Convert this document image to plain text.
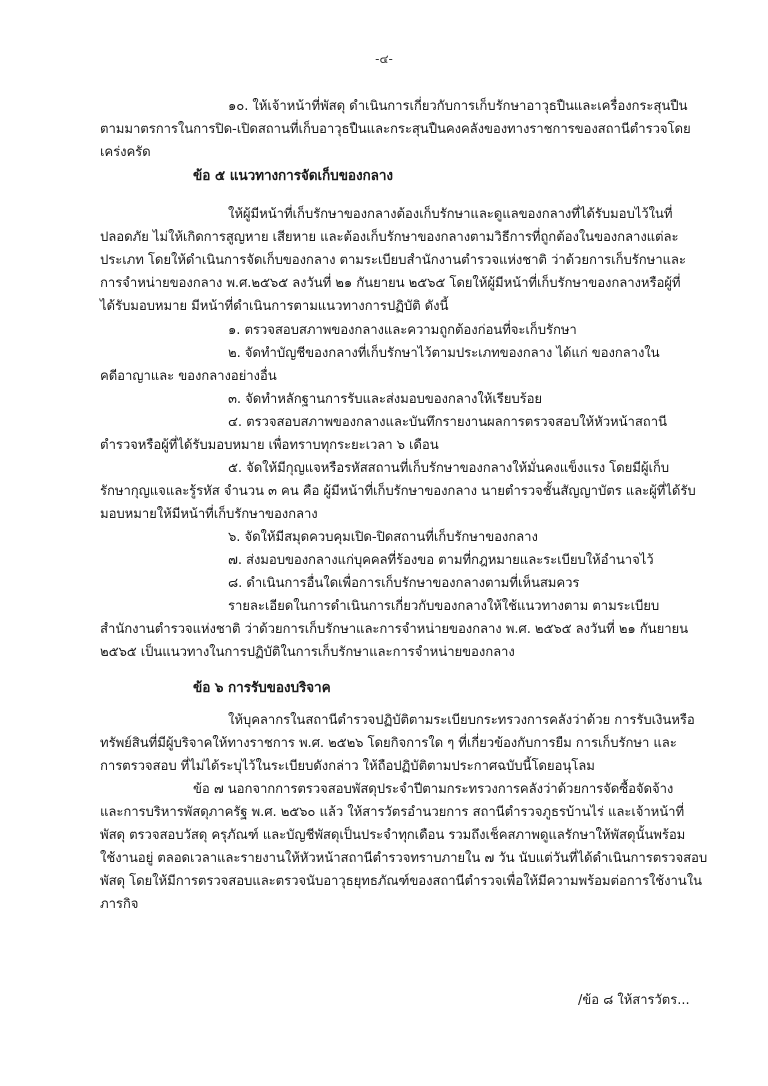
-๔-
๑๐. ให้เจ้าหน้าที่พัสดุ ดำเนินการเกี่ยวกับการเก็บรักษาอาวุธปืนและเครื่องกระสุนปืน
ตามมาตรการในการปิด-เปิดสถานที่เก็บอาวุธปืนและกระสุนปืนคงคลังของทางราชการของสถานีตำรวจโดย
เคร่งครัด
ข้อ ๕ แนวทางการจัดเก็บของกลาง
ให้ผู้มีหน้าที่เก็บรักษาของกลางต้องเก็บรักษาและดูแลของกลางที่ได้รับมอบไว้ในที่
ปลอดภัย ไม่ให้เกิดการสูญหาย เสียหาย และต้องเก็บรักษาของกลางตามวิธีการที่ถูกต้องในของกลางแต่ละ
ประเภท โดยให้ดำเนินการจัดเก็บของกลาง ตามระเบียบสำนักงานตำรวจแห่งชาติ ว่าด้วยการเก็บรักษาและ
การจำหน่ายของกลาง พ.ศ.๒๕๖๕ ลงวันที่ ๒๑ กันยายน ๒๕๖๕ โดยให้ผู้มีหน้าที่เก็บรักษาของกลางหรือผู้ที่
ได้รับมอบหมาย มีหน้าที่ดำเนินการตามแนวทางการปฏิบัติ ดังนี้
๑. ตรวจสอบสภาพของกลางและความถูกต้องก่อนที่จะเก็บรักษา
๒. จัดทำบัญชีของกลางที่เก็บรักษาไว้ตามประเภทของกลาง ได้แก่ ของกลางใน
คดีอาญาและ ของกลางอย่างอื่น
๓. จัดทำหลักฐานการรับและส่งมอบของกลางให้เรียบร้อย
๔. ตรวจสอบสภาพของกลางและบันทึกรายงานผลการตรวจสอบให้หัวหน้าสถานี
ตำรวจหรือผู้ที่ได้รับมอบหมาย เพื่อทราบทุกระยะเวลา ๖ เดือน
๕. จัดให้มีกุญแจหรือรหัสสถานที่เก็บรักษาของกลางให้มั่นคงแข็งแรง โดยมีผู้เก็บ
รักษากุญแจและรู้รหัส จำนวน ๓ คน คือ ผู้มีหน้าที่เก็บรักษาของกลาง นายตำรวจชั้นสัญญาบัตร และผู้ที่ได้รับ
มอบหมายให้มีหน้าที่เก็บรักษาของกลาง
๖. จัดให้มีสมุดควบคุมเปิด-ปิดสถานที่เก็บรักษาของกลาง
๗. ส่งมอบของกลางแก่บุคคลที่ร้องขอ ตามที่กฎหมายและระเบียบให้อำนาจไว้
๘. ดำเนินการอื่นใดเพื่อการเก็บรักษาของกลางตามที่เห็นสมควร
รายละเอียดในการดำเนินการเกี่ยวกับของกลางให้ใช้แนวทางตาม ตามระเบียบ
สำนักงานตำรวจแห่งชาติ ว่าด้วยการเก็บรักษาและการจำหน่ายของกลาง พ.ศ. ๒๕๖๕ ลงวันที่ ๒๑ กันยายน
๒๕๖๕ เป็นแนวทางในการปฏิบัติในการเก็บรักษาและการจำหน่ายของกลาง
ข้อ ๖ การรับของบริจาค
ให้บุคลากรในสถานีตำรวจปฏิบัติตามระเบียบกระทรวงการคลังว่าด้วย การรับเงินหรือ
ทรัพย์สินที่มีผู้บริจาคให้ทางราชการ พ.ศ. ๒๕๒๖ โดยกิจการใด ๆ ที่เกี่ยวข้องกับการยืม การเก็บรักษา และ
การตรวจสอบ ที่ไม่ได้ระบุไว้ในระเบียบดังกล่าว ให้ถือปฏิบัติตามประกาศฉบับนี้โดยอนุโลม
ข้อ ๗ นอกจากการตรวจสอบพัสดุประจำปีตามกระทรวงการคลังว่าด้วยการจัดซื้อจัดจ้าง
และการบริหารพัสดุภาครัฐ พ.ศ. ๒๕๖๐ แล้ว ให้สารวัตรอำนวยการ สถานีตำรวจภูธรบ้านไร่ และเจ้าหน้าที่
พัสดุ ตรวจสอบวัสดุ ครุภัณฑ์ และบัญชีพัสดุเป็นประจำทุกเดือน รวมถึงเช็คสภาพดูแลรักษาให้พัสดุนั้นพร้อม
ใช้งานอยู่ ตลอดเวลาและรายงานให้หัวหน้าสถานีตำรวจทราบภายใน ๗ วัน นับแต่วันที่ได้ดำเนินการตรวจสอบ
พัสดุ โดยให้มีการตรวจสอบและตรวจนับอาวุธยุทธภัณฑ์ของสถานีตำรวจเพื่อให้มีความพร้อมต่อการใช้งานใน
ภารกิจ
/ข้อ ๘ ให้สารวัตร...
